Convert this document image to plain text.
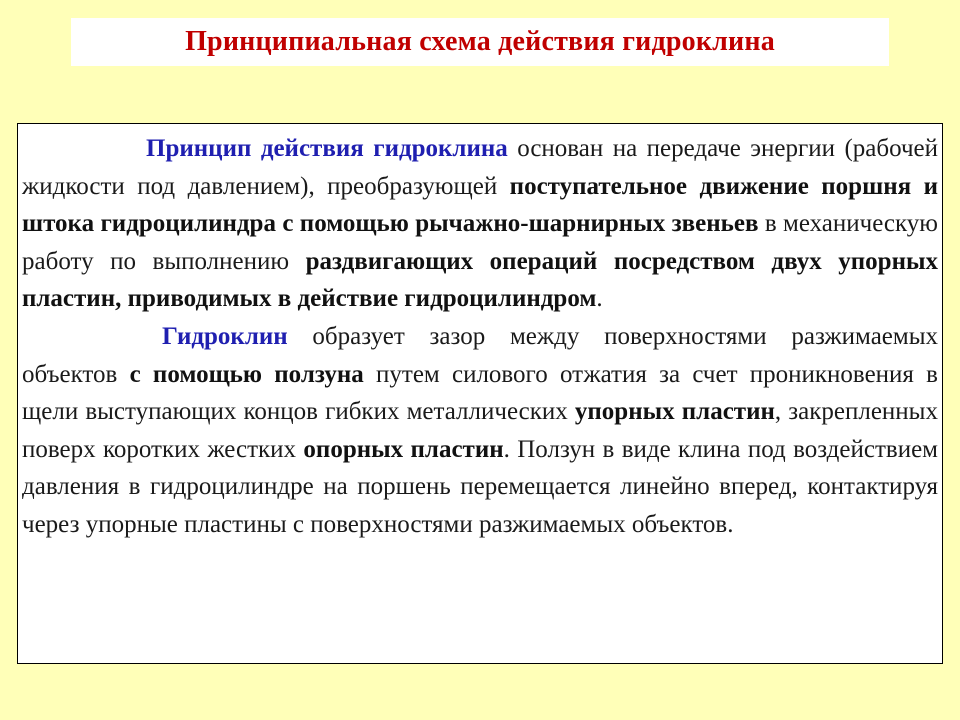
Принципиальная схема действия гидроклина

Принцип действия гидроклина основан на передаче энергии (рабочей жидкости под давлением), преобразующей поступательное движение поршня и штока гидроцилиндра с помощью рычажно-шарнирных звеньев в механическую работу по выполнению раздвигающих операций посредством двух упорных пластин, приводимых в действие гидроцилиндром.

Гидроклин образует зазор между поверхностями разжимаемых объектов с помощью ползуна путем силового отжатия за счет проникновения в щели выступающих концов гибких металлических упорных пластин, закрепленных поверх коротких жестких опорных пластин. Ползун в виде клина под воздействием давления в гидроцилиндре на поршень перемещается линейно вперед, контактируя через упорные пластины с поверхностями разжимаемых объектов.
